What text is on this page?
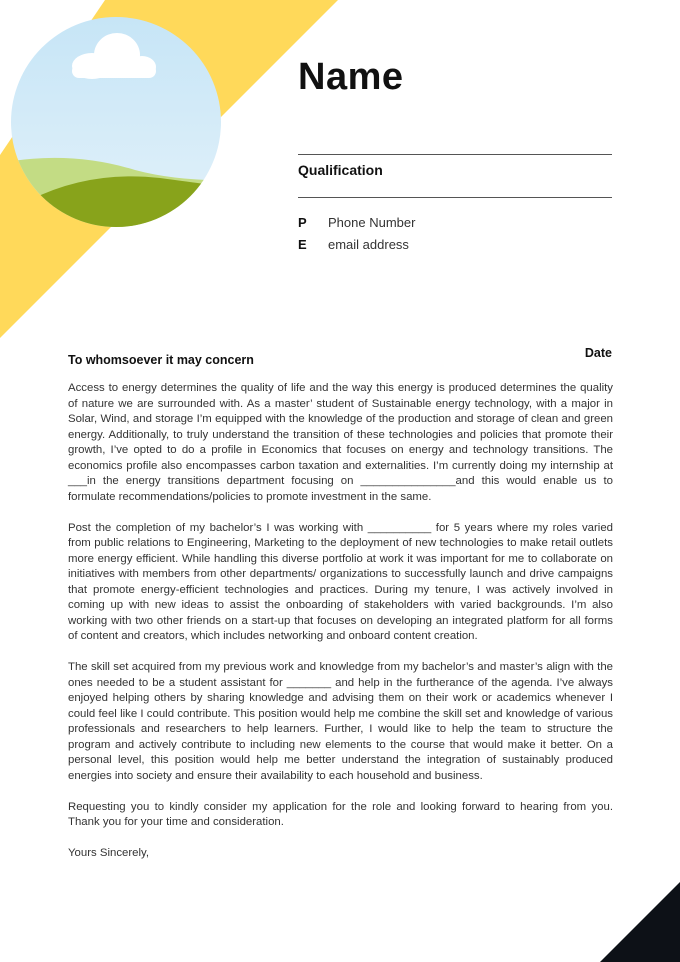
Name
Qualification
P Phone Number
E email address
To whomsoever it may concern	Date

Access to energy determines the quality of life and the way this energy is produced determines the quality of nature we are surrounded with. As a master’ student of Sustainable energy technology, with a major in Solar, Wind, and storage I’m equipped with the knowledge of the production and storage of clean and green energy. Additionally, to truly understand the transition of these technologies and policies that promote their growth, I’ve opted to do a profile in Economics that focuses on energy and technology transitions. The economics profile also encompasses carbon taxation and externalities. I’m currently doing my internship at ___in the energy transitions department focusing on _______________and this would enable us to formulate recommendations/policies to promote investment in the same.

Post the completion of my bachelor’s I was working with __________ for 5 years where my roles varied from public relations to Engineering, Marketing to the deployment of new technologies to make retail outlets more energy efficient. While handling this diverse portfolio at work it was important for me to collaborate on initiatives with members from other departments/ organizations to successfully launch and drive campaigns that promote energy-efficient technologies and practices. During my tenure, I was actively involved in coming up with new ideas to assist the onboarding of stakeholders with varied backgrounds. I’m also working with two other friends on a start-up that focuses on developing an integrated platform for all forms of content and creators, which includes networking and onboard content creation.

The skill set acquired from my previous work and knowledge from my bachelor’s and master’s align with the ones needed to be a student assistant for _______ and help in the furtherance of the agenda. I’ve always enjoyed helping others by sharing knowledge and advising them on their work or academics whenever I could feel like I could contribute. This position would help me combine the skill set and knowledge of various professionals and researchers to help learners. Further, I would like to help the team to structure the program and actively contribute to including new elements to the course that would make it better. On a personal level, this position would help me better understand the integration of sustainably produced energies into society and ensure their availability to each household and business.

Requesting you to kindly consider my application for the role and looking forward to hearing from you. Thank you for your time and consideration.

Yours Sincerely,
